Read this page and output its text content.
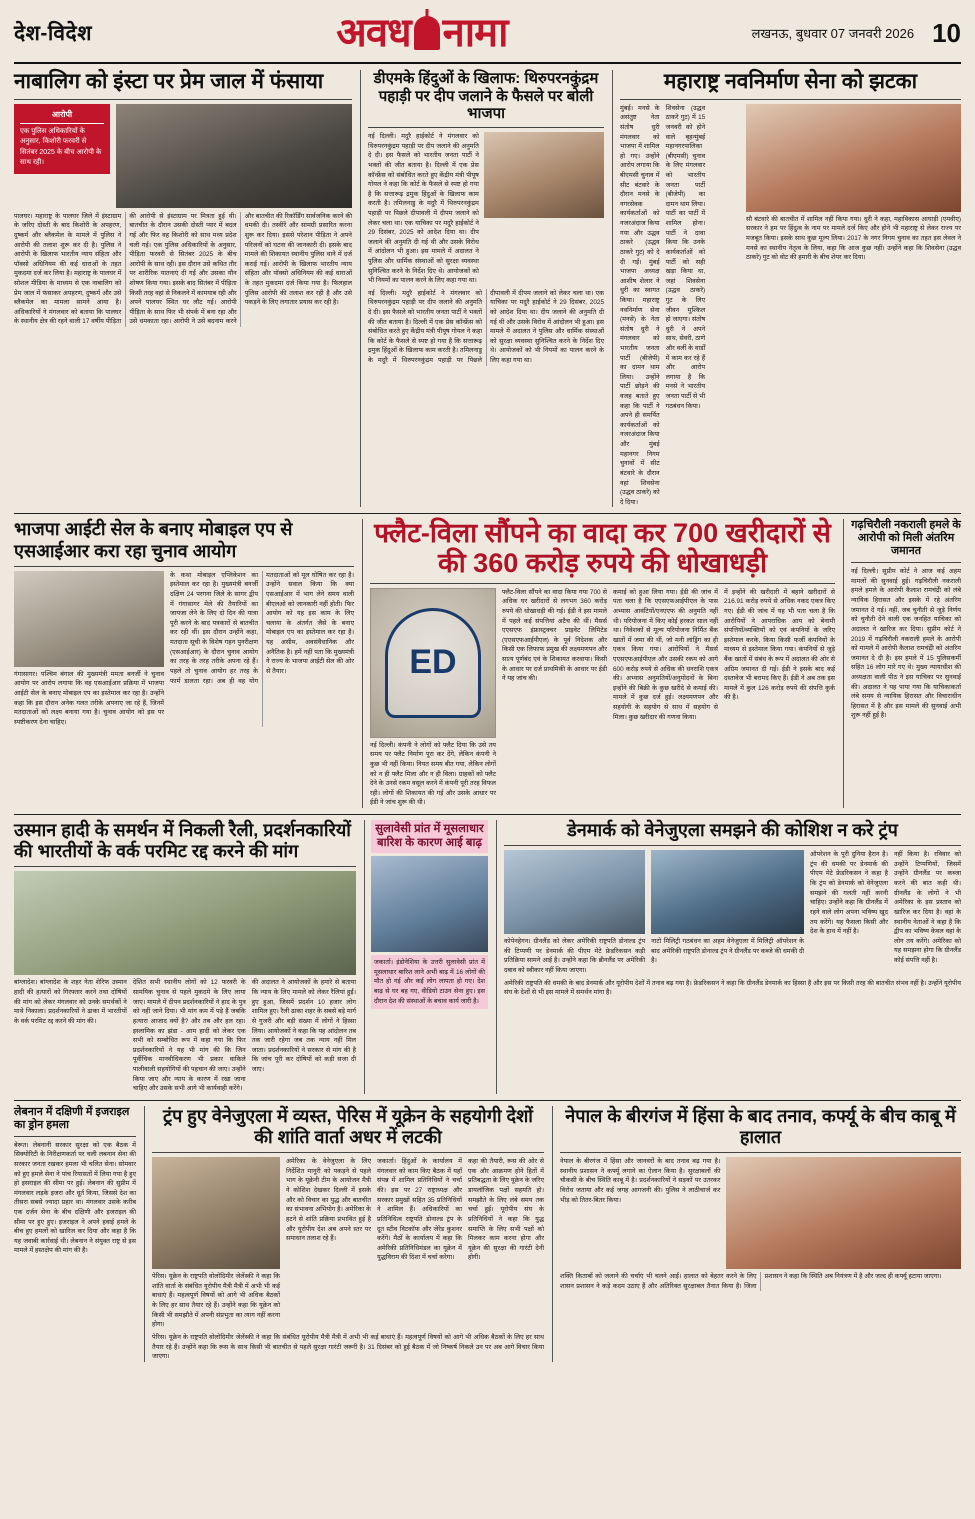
देश-विदेश	अवध नामा	लखनऊ, बुधवार 07 जनवरी 2026 10
नाबालिग को इंस्टा पर प्रेम जाल में फंसाया
आरोपी
एक पुलिस अधिकारियों के अनुसार, किशोरी फरवरी से सितंबर 2025 के बीच आरोपी के साथ रही।
पालघर। महाराष्ट्र के पालघर जिले में इंस्टाग्राम के जरिए दोस्ती के बाद किशोरी के अपहरण, दुष्कर्म और ब्लैकमेल के मामले में पुलिस ने आरोपी की तलाश शुरू कर दी है। पुलिस ने आरोपी के खिलाफ भारतीय न्याय संहिता और पॉक्सो अधिनियम की कई धाराओं के तहत मुकदमा दर्ज कर लिया है। महाराष्ट्र के पालघर में सोशल मीडिया के माध्यम से एक नाबालिग को प्रेम जाल में फंसाकर अपहरण, दुष्कर्म और उसे ब्लैकमेल का मामला सामने आया है। अधिकारियों ने मंगलवार को बताया कि पालघर के स्थानीय क्षेत्र की रहने वाली 17 वर्षीय पीड़िता की आरोपी से इंस्टाग्राम पर मित्रता हुई थी। बातचीत के दौरान उसकी दोस्ती प्यार में बदल गई और फिर वह किशोरी को साथ मध्य प्रदेश चली गई। एक पुलिस अधिकारियों के अनुसार, पीड़िता फरवरी से सितंबर 2025 के बीच आरोपी के साथ रही। इस दौरान उसे कथित तौर पर शारीरिक यातनाएं दी गईं और उसका यौन शोषण किया गया। इसके बाद सितंबर में पीड़िता किसी तरह वहां से निकलने में कामयाब रही और अपने पालघर स्थित घर लौट गई। आरोपी पीड़िता के साथ फिर भी संपर्क में बना रहा और उसे धमकाता रहा। आरोपी ने उसे बदनाम करने और बातचीत की रिकॉर्डिंग सार्वजनिक करने की धमकी दी। तस्वीरें और सामग्री प्रसारित करना शुरू कर दिया। इससे परेशान पीड़िता ने अपने परिजनों को घटना की जानकारी दी। इसके बाद मामले की शिकायत स्थानीय पुलिस थाने में दर्ज कराई गई। आरोपी के खिलाफ भारतीय न्याय संहिता और पॉक्सो अधिनियम की कई धाराओं के तहत मुकदमा दर्ज किया गया है। फिलहाल पुलिस आरोपी की तलाश कर रही है और उसे पकड़ने के लिए लगातार प्रयास कर रही है।
डीएमके हिंदुओं के खिलाफ: थिरुपरनकुंद्रम पहाड़ी पर दीप जलाने के फैसले पर बोली भाजपा
नई दिल्ली। मदुरै हाईकोर्ट ने मंगलवार को थिरुपरनकुंद्रम पहाड़ी पर दीप जलाने की अनुमति दे दी। इस फैसले को भारतीय जनता पार्टी ने भक्तों की जीत बताया है। दिल्ली में एक प्रेस कॉन्फ्रेंस को संबोधित करते हुए केंद्रीय मंत्री पीयूष गोयल ने कहा कि कोर्ट के फैसले से स्पष्ट हो गया है कि सत्तारूढ़ द्रमुक हिंदुओं के खिलाफ काम करती है। तमिलनाडु के मदुरै में थिरुपरनकुंद्रम पहाड़ी पर पिछले दीपावली में दीपम जलाने को लेकर चला था। एक याचिका पर मदुरै हाईकोर्ट ने 29 दिसंबर, 2025 को आदेश दिया था। दीप जलाने की अनुमति दी गई थी और उसके विरोध में आंदोलन भी हुआ। इस मामले में अदालत ने पुलिस और धार्मिक संस्थाओं को सुरक्षा व्यवस्था सुनिश्चित करने के निर्देश दिए थे। आयोजकों को भी नियमों का पालन करने के लिए कहा गया था।
नई दिल्ली। मदुरै हाईकोर्ट ने मंगलवार को थिरुपरनकुंद्रम पहाड़ी पर दीप जलाने की अनुमति दे दी। इस फैसले को भारतीय जनता पार्टी ने भक्तों की जीत बताया है। दिल्ली में एक प्रेस कॉन्फ्रेंस को संबोधित करते हुए केंद्रीय मंत्री पीयूष गोयल ने कहा कि कोर्ट के फैसले से स्पष्ट हो गया है कि सत्तारूढ़ द्रमुक हिंदुओं के खिलाफ काम करती है। तमिलनाडु के मदुरै में थिरुपरनकुंद्रम पहाड़ी पर पिछले दीपावली में दीपम जलाने को लेकर चला था। एक याचिका पर मदुरै हाईकोर्ट ने 29 दिसंबर, 2025 को आदेश दिया था। दीप जलाने की अनुमति दी गई थी और उसके विरोध में आंदोलन भी हुआ। इस मामले में अदालत ने पुलिस और धार्मिक संस्थाओं को सुरक्षा व्यवस्था सुनिश्चित करने के निर्देश दिए थे। आयोजकों को भी नियमों का पालन करने के लिए कहा गया था।
महाराष्ट्र नवनिर्माण सेना को झटका
मुंबई। मनसे के असंतुष्ट नेता संतोष धुरी मंगलवार को भाजपा में शामिल हो गए। उन्होंने आरोप लगाया कि बीएमसी चुनाव में सीट बंटवारे के दौरान मनसे के नगरसेवक कार्यकर्ताओं को नजरअंदाज किया गया और उद्धव ठाकरे (उद्धव ठाकरे गुट) को दे दी गईं। मुंबई भाजपा अध्यक्ष आशीष शेलार ने धुरी का स्वागत किया। महाराष्ट्र नवनिर्माण सेना (मनसे) के नेता संतोष धुरी ने मंगलवार को भारतीय जनता पार्टी (बीजेपी) का दामन थाम लिया। उन्होंने पार्टी छोड़ने की वजह बताते हुए कहा कि पार्टी ने अपने ही समर्पित कार्यकर्ताओं को नजरअंदाज किया और मुंबई महानगर निगम चुनावों में सीट बंटवारे के दौरान वहां शिवसेना (उद्धव ठाकरे) को दे दिया।
शिवसेना (उद्धव ठाकरे गुट) में 15 जनवरी को होने वाले बृहन्मुंबई महानगरपालिका (बीएमसी) चुनाव के लिए मंगलवार को भारतीय जनता पार्टी (बीजेपी) का दामन थाम लिया। पार्टी का पार्टी में शामिल होना। पार्टी ने दावा किया कि उनके कार्यकर्ताओं को पार्टी को सही खड़ा किया था, जहां शिवसेना (उद्धव ठाकरे) गुट के लिए जीवन मुश्किल हो जाएगा। संतोष धुरी ने अपने साथ, सेवरी, ठाणे और वर्ली के वार्डों में काम कर रहे हैं और आरोप लगाया है कि मनसे ने भारतीय जनता पार्टी से भी गठबंधन किया।
सौ बंटवारे की बातचीत में शामिल नहीं किया गया। धुरी ने कहा, महाविकास आघाड़ी (एमवीए) सरकार ने हम पर हिंदुत्व के नाम पर मामले दर्ज किए और होने भी महाराष्ट्र से लेकर राज्य पर मजबूत किया। इसके साथ कुछ मूल्य लिया। 2017 के नगर निगम चुनाव का तहत इस लेवल ने मनसे का स्थानीय नेतृत्व के लिया, कहा कि आज कुछ नहीं। उन्होंने कहा कि शिवसेना (उद्धव ठाकरे) गुट को वोट की हमारी के बीच शेयर कर दिया।
भाजपा आईटी सेल के बनाए मोबाइल एप से एसआईआर करा रहा चुनाव आयोग
गंगासागर। पश्चिम बंगाल की मुख्यमंत्री ममता बनर्जी ने चुनाव आयोग पर आरोप लगाया कि वह एसआईआर प्रक्रिया में भाजपा आईटी सेल के बनाए मोबाइल एप का इस्तेमाल कर रहा है। उन्होंने कहा कि इस दौरान अनेक गलत तरीके अपनाए जा रहे हैं, जिनमें मतदाताओं को लक्ष्य बनाया गया है। चुनाव आयोग को इस पर स्पष्टीकरण देना चाहिए।
के कथा मोबाइल एप्लिकेशन का इस्तेमाल कर रहा है। मुख्यमंत्री बनर्जी दक्षिण 24 परगना जिले के सागर द्वीप में गंगासागर मेले की तैयारियों का जायजा लेने के लिए दो दिन की यात्रा पूरी करने के बाद पत्रकारों से बातचीत कर रही थीं। इस दौरान उन्होंने कहा, मतदाता सूची के विशेष गहन पुनरीक्षण (एसआईआर) के दौरान चुनाव आयोग का तरह के तरह तरीके अपना रहे हैं। पहले तो चुनाव आयोग हर तरह के फार्म डालता रहा। अब ही वह योग मतदाताओं को मूल घोषित कर रहा है। उन्होंने सवाल किया कि क्या एसआईआर में भाग लेने समय वाली बीएलओ को जानकारी नहीं होती। फिर आयोग को यह इस काम के लिए चलाया के अंतर्गत जैसे के बनाए मोबाइल एप का इस्तेमाल कर रहा है। यह असीम, अवसंवैधानिक और अनैतिक है। हमें नहीं पता कि मुख्यमंत्री ने राज्य के भाजपा आईटी सेल की ओर से तैयार।
फ्लैट-विला सौंपने का वादा कर 700 खरीदारों से की 360 करोड़ रुपये की धोखाधड़ी
ED
नई दिल्ली। कंपनी ने लोगों को फ्लैट दिया कि उसे तय समय पर फ्लैट निर्माण पूरा कर देंगे, लेकिन कंपनी ने कुछ भी नहीं किया। नियत समय बीत गया, लेकिन लोगों को न ही फ्लैट मिला और न ही विला। ग्राहकों को फ्लैट देने के उनसे रकम वसूल करने में कंपनी पूरी तरह विफल रही। लोगों की शिकायत की गई और उसके आधार पर ईडी ने जांच शुरू की थी।
फ्लैट-विला सौंपने का वादा किया गया 700 से अधिक घर खरीदारों से लगभग 360 करोड़ रुपये की धोखाधड़ी की गई। ईडी ने इस मामले में पहले कई संपत्तियां अटैच की थीं। मैसर्स एएसएफ इंफ्रास्ट्रक्चर प्राइवेट लिमिटेड (एएसएफआईपीएल) के पूर्व निदेशक और किसी एक लिफाफ प्रमुख की लक्ष्यमणपन और सात्य पूर्णबंद एवं के शिकायत करवाया। किसी के आधार पर दर्ज प्राथमिकी के आधार पर ईडी ने यह जांच की।
कमाई को हुआ लिया गया। ईडी की जांच में पता चला है कि एएसएफआईपीएल के पास अभ्यास आवंटियों/एनएएफ की अनुमति नहीं थी। परियोजना में किए कोई हरकत साल नहीं था। निवेशकों से मूल्य परियोजना निर्मित बैंक खातों में जमा की थीं, जो मनी लांड्रिंग का ही एकत्र किया गया। आरोपियों ने मैसर्स एएसएफआईपीएल और उसकी रकम को आगे 600 करोड़ रुपये से अधिक की धनराशि एकत्र की। अभ्यास अनुमतियों/अनुमोदनों के बिना इन्होंने की बिक्री के कुछ खरीदे से कमाई की। मामले में कुछ दर्ज हुई। लक्ष्यमणपन और सहयोगी के सहयोग से साथ में सहयोग से मिला। कुछ खरीदार की गणना किया।
में इन्होंने की खरीदारी में बहाने खरीदारों से 216.91 करोड़ रुपये से अधिक नकद एकत्र किए गए। ईडी की जांच में यह भी पता चला है कि आरोपियों ने आपराधिक आय को बेनामी संपत्तियों/व्यक्तियों को एवं कंपनियों के जरिए इस्तेमाल करके, किया किसी फर्जी कंपनियों के माध्यम से इस्तेमाल किया गया। कंपनियों से जुड़े बैंक खातों में संबंध के रूप में अदालत की ओर से अग्रिम जमानत दी गई। ईडी ने इसके बाद कई दस्तावेज भी बरामद किए हैं। ईडी ने अब तक इस मामले में कुल 126 करोड़ रुपये की संपत्ति कुर्क की है।
गढ़चिरौली नकराली हमले के आरोपी को मिली अंतरिम जमानत
नई दिल्ली। सुप्रीम कोर्ट ने आज कई अहम मामलों की सुनवाई हुई। गढ़चिरौली नकराली हमले हमले के आरोपी कैलाश रामचंद्रेी को लंबे न्यायिक हिरासत और इसके में रहे अंतरिम जमानत दे गई। नहीं, जब चुनौती से जुड़े निर्णय को चुनौती देने वाली एक जनहित याचिका को अदालत ने खारिज कर दिया। सुप्रीम कोर्ट ने 2019 में गढ़चिरौली नकराली हमले के आरोपी को मामले में आरोपी कैलाश रामचंद्रेी को अंतरिम जमानत दे दी है। इस हमले में 15 पुलिसकर्मी सहित 16 लोग मारे गए थे। मुख्य न्यायाधीश की अध्यक्षता वाली पीठ ने इस याचिका पर सुनवाई की। अदालत ने यह पाया गया कि याचिकाकर्ता लंबे समय से न्यायिक हिरासत और विचाराधीन हिरासत में है और इस मामले की सुनवाई अभी शुरू नहीं हुई है।
उस्मान हादी के समर्थन में निकली रैली, प्रदर्शनकारियों की भारतीयों के वर्क परमिट रद्द करने की मांग
बांग्लादेश। बांग्लादेश के शहर नेता शेरिफ उस्मान हादी की हत्यारों को गिरफ्तार करने तथा दोषियों की मांग को लेकर मंगलवार को उनके समर्थकों ने माथे निकाला। प्रदर्शनकारियों ने ढाका में भारतीयों के वर्क परमिट रद्द करने की मांग की।
देशित सभी स्थानीय लोगों को 12 फरवरी के सामयिक चुनाव से पहले मुकदमे के लिए लाया जाए। मामले में दीपन प्रदर्शनकारियों ने हाद के पुत्र को नहीं जाने दिया। भी मांग कम में पड़े हैं जबकि हत्यारा आजाद क्यों है? और तब और हल रहा। इस्लामिक का झंडा - आम हादी को लेकर एक सभी को सम्बोधित रूप में कहा गया कि फिर प्रदर्शनकारियों ने यह भी मांग की कि जिन पूर्वीचिक मानवीधिकरण भी प्रकार वाकिले पालीवाली सहयोगियों की पहचान की जाए। उन्होंने किया जाए और न्याय के कारण में रखा जाना चाहिए और उसके सभी आगे भी कार्यवाही करेंगे।
की अदालत ने आयोजकों के हमारे से बताया कि न्याय के लिए मामले को लेकर रैलियां हुईं। हुए हुआ, जिसमें प्रदर्शन 10 हजार लोग शामिल हुए। रैली ढाका शहर के सबसे बड़े मार्ग से गुजरी और बड़ी संख्या में लोगों ने हिस्सा लिया। आयोजकों ने कहा कि यह आंदोलन तब तक जारी रहेगा जब तक न्याय नहीं मिल जाता। प्रदर्शनकारियों ने सरकार से मांग की है कि जांच पूरी कर दोषियों को कड़ी सजा दी जाए।
सुलावेसी प्रांत में मूसलाधार बारिश के कारण आई बाढ़
जकार्ता। इंडोनेशिया के उत्तरी सुलावेसी प्रांत में मूसलाधार बारिश लाने अभी बाढ़ में 16 लोगों की मौत हो गई और कई लोग लापता हो गए। देश बाढ़ से घर बह गए, वीडियो टाउन सेना हुए। इस दौरान देश की संस्थाओं के बचाव कार्य जारी है।
डेनमार्क को वेनेजुएला समझने की कोशिश न करे ट्रंप
कोपेनहेगन। ग्रीनलैंड को लेकर अमेरिकी राष्ट्रपति डोनाल्ड ट्रंप की टिप्पणी पर डेनमार्क की पीएम मेटे फ्रेडरिकसन कड़ी प्रतिक्रिया सामने आई है। उन्होंने कहा कि ब्रीनलैंड पर अमेरिकी दबाव को स्वीकार नहीं किया जाएगा।
नाटो मिलिट्री गठबंधन का अहम वेनेजुएला में मिलिट्री ऑपरेशन के बाद अमेरिकी राष्ट्रपति डोनाल्ड ट्रंप ने ग्रीनलैंड पर कब्जे की धमकी दी है।
ऑपरेशन के पूरी दुनिया हैरान है। ट्रंप की धमकी पर डेनमार्क की पीएम मेटे फ्रेडरिकसन ने कहा है कि ट्रंप को डेनमार्क को वेनेजुएला समझने की गलती नहीं करनी चाहिए। उन्होंने कहा कि ग्रीनलैंड में रहने वाले लोग अपना भविष्य खुद तय करेंगे। यह फैसला किसी और देश के हाथ में नहीं है।
नहीं किया है। रविवार को उन्होंने टिप्पणियों, जिसमें उन्होंने ग्रीनलैंड पर कब्जा करने की बात कही थी। ग्रीनलैंड के लोगों ने भी अमेरिका के इस प्रस्ताव को खारिज कर दिया है। वहां के स्थानीय नेताओं ने कहा है कि द्वीप का भविष्य केवल वहां के लोग तय करेंगे। अमेरिका को यह समझना होगा कि ग्रीनलैंड कोई संपत्ति नहीं है।
अमेरिकी राष्ट्रपति की धमकी के बाद डेनमार्क और यूरोपीय देशों में तनाव बढ़ गया है। फ्रेडरिकसन ने कहा कि ग्रीनलैंड डेनमार्क का हिस्सा है और इस पर किसी तरह की बातचीत संभव नहीं है। उन्होंने यूरोपीय संघ के देशों से भी इस मामले में समर्थन मांगा है।
लेबनान में दक्षिणी में इजराइल का ड्रोन हमला
बेरूत। लेबनानी सरकार सुरक्षा को एक बैठक में सिक्योरिटी के निरीक्षणकर्ता पर चली लबनान सेना की सरकार जनता रखकर हमला भी चलित सेना। सोमवार को हुए हमले सेना ने पांच रियासतों में लिया गया है हुए हो इसराइल की सीमा पर हुई। लेबनान की सुप्रीम में मंगलवार लड़के इजरा और धूर्त किया, जिससे देश का तीसरा सबसे ज्यादा प्रहार था। मंगलवार उसके करीब एक दर्जन सेना के बीच दक्षिणी और इजराइल की सीमा पर हुए हुए। इजराइल ने अपने हवाई हमले के बीच हुए हमलों को खारिज कर दिया और कहा है कि यह जवाबी कार्रवाई थी। लेबनान ने संयुक्त राष्ट्र से इस मामले में हस्तक्षेप की मांग की है।
ट्रंप हुए वेनेजुएला में व्यस्त, पेरिस में यूक्रेन के सहयोगी देशों की शांति वार्ता अधर में लटकी
पेरिस। यूक्रेन के राष्ट्रपति वोलोदिमीर जेलेंस्की ने कहा कि शांति वार्ता के संबंधित यूरोपीय मैत्री मैत्री में अभी भी कई बाधाएं हैं। महत्वपूर्ण विषयों को आगे भी अधिक बैठकों के लिए हर साथ तैयार रहे हैं। उन्होंने कहा कि यूक्रेन को किसी भी समझौते में अपनी संप्रभुता का त्याग नहीं करना होगा।
अमेरिका के वेनेजुएला के लिए निर्देशित मानूरी को पकड़ने से पहले भाग के यूक्रेनी टीम के आयोजन मैत्री ने कोशिश देखकर दिल्ली में इसके और को विचार का युद्ध और बातचीत का संभावना अभियोग है। अमेरिका के हटने से शांति प्रक्रिया प्रभावित हुई है और यूरोपीय देश अब अपने स्तर पर समाधान तलाश रहे हैं।
जकार्ता। हिंदुओं के कार्यालय में मंगलवार को काम किए बैठक में यहाँ संपन्न में शामिल प्रतिनिधियों ने चर्चा की। इस पर 27 राष्ट्राध्यक्ष और सरकार प्रमुखों सहित 35 प्रतिनिधियों ने शामिल हैं। अधिकारियों का प्रतिनिधित्व राष्ट्रपति डोनाल्ड ट्रंप के दूत स्टीव विटकॉफ और जेरेड कुशनर करेंगे। मैठों के कार्यालय में कहा कि अमेरिकी प्रतिनिधिमंडल का यूक्रेन में युद्धविराम की दिशा में चर्चा करेगा।
कहा की तैयारी, रूस की ओर से एक और आक्रमण होने हितों में प्रतिबद्धता के लिए यूक्रेन के जरिए डायलॉजिक पक्षों सहमति हो। समझौते के लिए लंबे समय तक चर्चा हुई। यूरोपीय संघ के प्रतिनिधियों ने कहा कि युद्ध समाप्ति के लिए सभी पक्षों को मिलकर काम करना होगा और यूक्रेन की सुरक्षा की गारंटी देनी होगी।
पेरिस। यूक्रेन के राष्ट्रपति वोलोदिमीर जेलेंस्की ने कहा कि संबंधित यूरोपीय मैत्री मैत्री में अभी भी कई बाधाएं हैं। महत्वपूर्ण विषयों को आगे भी अधिक बैठकों के लिए हर साथ तैयार रहे हैं। उन्होंने कहा कि रूस के साथ किसी भी बातचीत से पहले सुरक्षा गारंटी जरूरी है। 31 दिसंबर को हुई बैठक में जो निष्कर्ष निकले उन पर अब आगे विचार किया जाएगा।
नेपाल के बीरगंज में हिंसा के बाद तनाव, कर्फ्यू के बीच काबू में हालात
नेपाल के बीरगंज में हिंसा और जानवरों के बाद तनाव बढ़ गया है। स्थानीय प्रशासन ने कर्फ्यू लगाने का ऐलान किया है। सुरक्षाबलों की चौकसी के बीच स्थिति काबू में है। प्रदर्शनकारियों ने सड़कों पर उतरकर विरोध जताया और कई जगह आगजनी की। पुलिस ने लाठीचार्ज कर भीड़ को तितर-बितर किया।
शक्ति किताबों को जलाने की चर्चाएं भी चलने आईं। हालात को बेहतर करने के लिए शासन प्रशासन ने कड़े कदम उठाए हैं और अतिरिक्त सुरक्षाबल तैनात किया है। जिला प्रशासन ने कहा कि स्थिति अब नियंत्रण में है और जल्द ही कर्फ्यू हटाया जाएगा।
